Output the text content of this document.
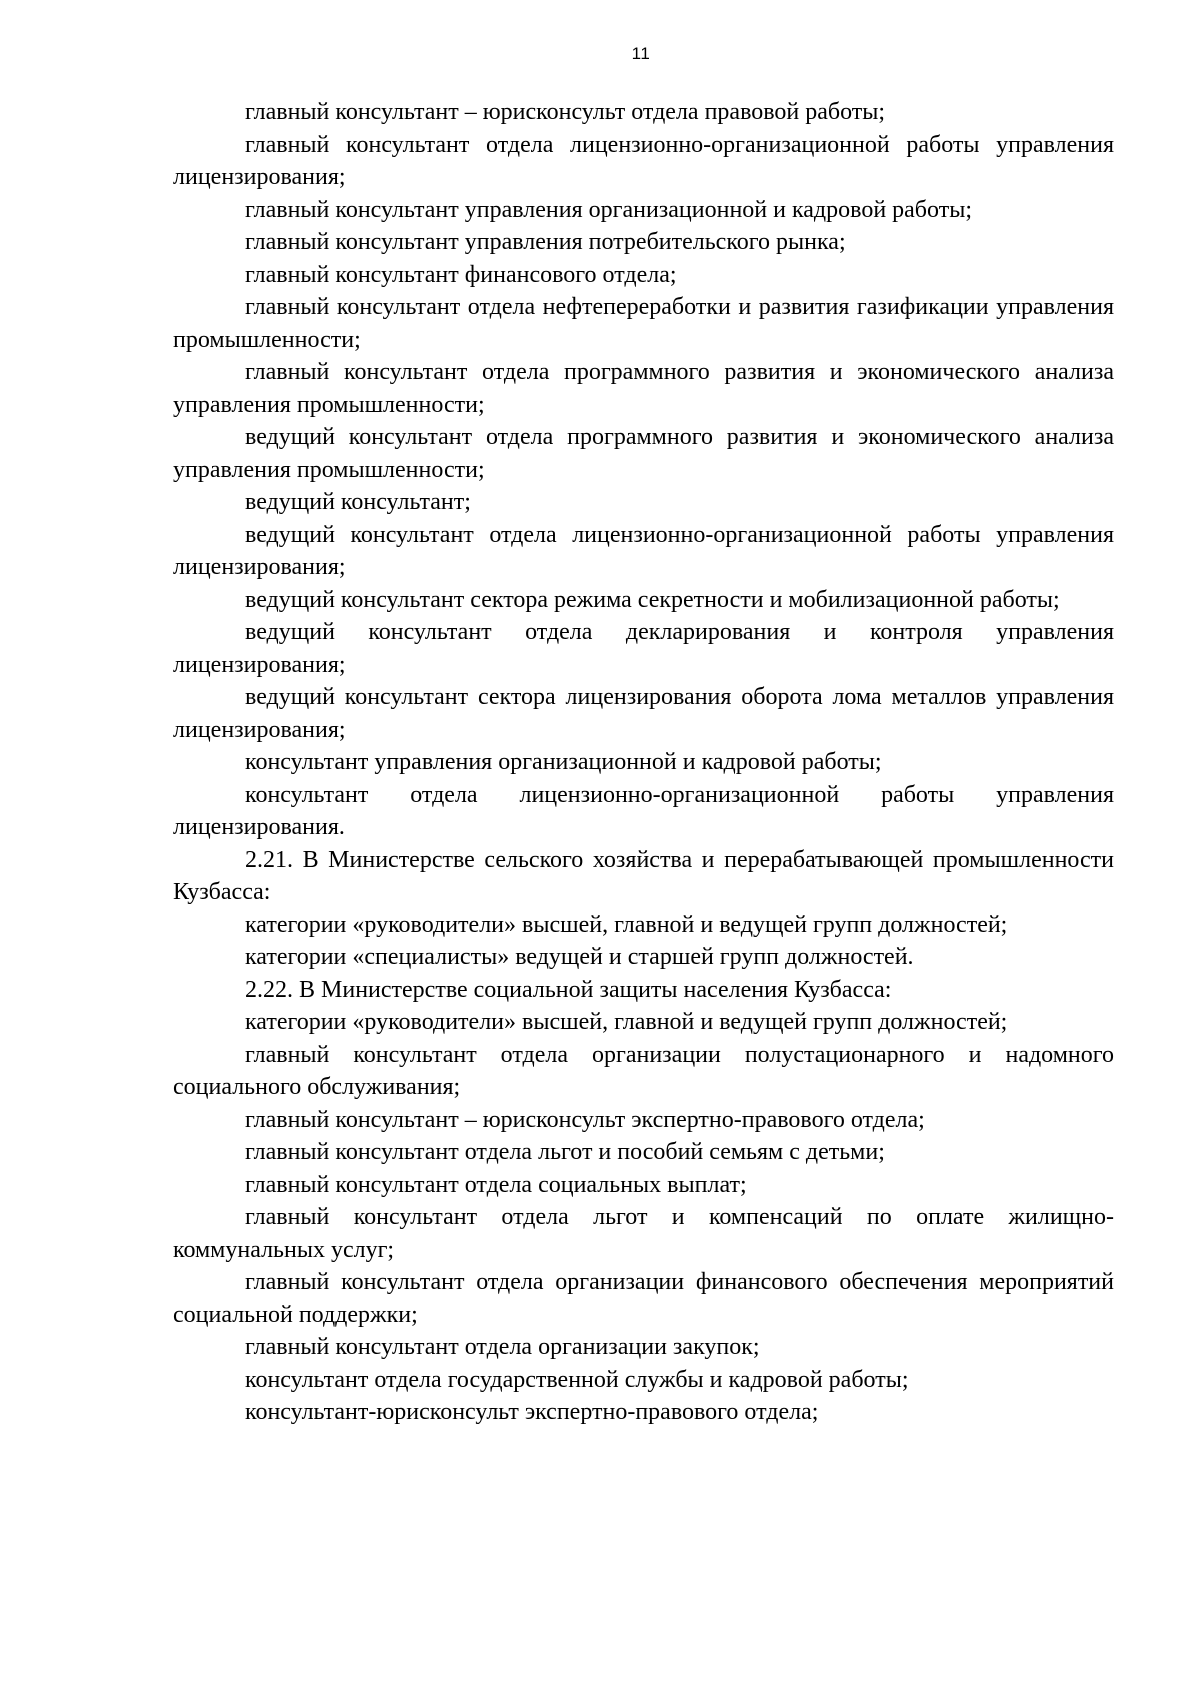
11

главный консультант – юрисконсульт отдела правовой работы;

главный консультант отдела лицензионно-организационной работы управления лицензирования;

главный консультант управления организационной и кадровой работы;

главный консультант управления потребительского рынка;

главный консультант финансового отдела;

главный консультант отдела нефтепереработки и развития газификации управления промышленности;

главный консультант отдела программного развития и экономического анализа управления промышленности;

ведущий консультант отдела программного развития и экономического анализа управления промышленности;

ведущий консультант;

ведущий консультант отдела лицензионно-организационной работы управления лицензирования;

ведущий консультант сектора режима секретности и мобилизационной работы;

ведущий консультант отдела декларирования и контроля управления лицензирования;

ведущий консультант сектора лицензирования оборота лома металлов управления лицензирования;

консультант управления организационной и кадровой работы;

консультант отдела лицензионно-организационной работы управления лицензирования.

2.21. В Министерстве сельского хозяйства и перерабатывающей промышленности Кузбасса:

категории «руководители» высшей, главной и ведущей групп должностей;

категории «специалисты» ведущей и старшей групп должностей.

2.22. В Министерстве социальной защиты населения Кузбасса:

категории «руководители» высшей, главной и ведущей групп должностей;

главный консультант отдела организации полустационарного и надомного социального обслуживания;

главный консультант – юрисконсульт экспертно-правового отдела;

главный консультант отдела льгот и пособий семьям с детьми;

главный консультант отдела социальных выплат;

главный консультант отдела льгот и компенсаций по оплате жилищно-коммунальных услуг;

главный консультант отдела организации финансового обеспечения мероприятий социальной поддержки;

главный консультант отдела организации закупок;

консультант отдела государственной службы и кадровой работы;

консультант-юрисконсульт экспертно-правового отдела;
